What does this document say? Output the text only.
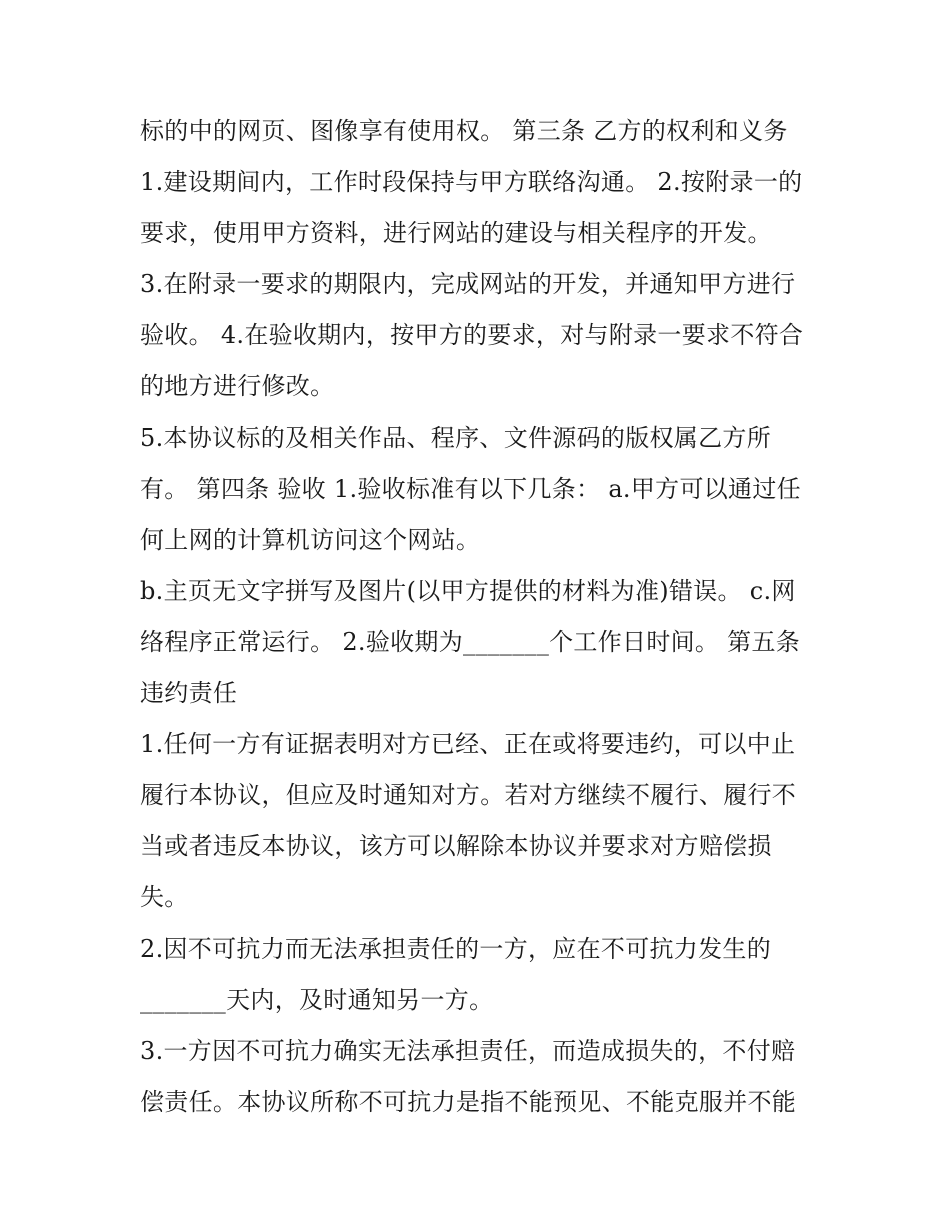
标的中的网页、图像享有使用权。 第三条 乙方的权利和义务
1.建设期间内，工作时段保持与甲方联络沟通。 2.按附录一的
要求，使用甲方资料，进行网站的建设与相关程序的开发。
3.在附录一要求的期限内，完成网站的开发，并通知甲方进行
验收。 4.在验收期内，按甲方的要求，对与附录一要求不符合
的地方进行修改。
5.本协议标的及相关作品、程序、文件源码的版权属乙方所
有。 第四条 验收 1.验收标准有以下几条： a.甲方可以通过任
何上网的计算机访问这个网站。
b.主页无文字拼写及图片(以甲方提供的材料为准)错误。 c.网
络程序正常运行。 2.验收期为_______个工作日时间。 第五条
违约责任
1.任何一方有证据表明对方已经、正在或将要违约，可以中止
履行本协议，但应及时通知对方。若对方继续不履行、履行不
当或者违反本协议，该方可以解除本协议并要求对方赔偿损
失。
2.因不可抗力而无法承担责任的一方，应在不可抗力发生的
_______天内，及时通知另一方。
3.一方因不可抗力确实无法承担责任，而造成损失的，不付赔
偿责任。本协议所称不可抗力是指不能预见、不能克服并不能
